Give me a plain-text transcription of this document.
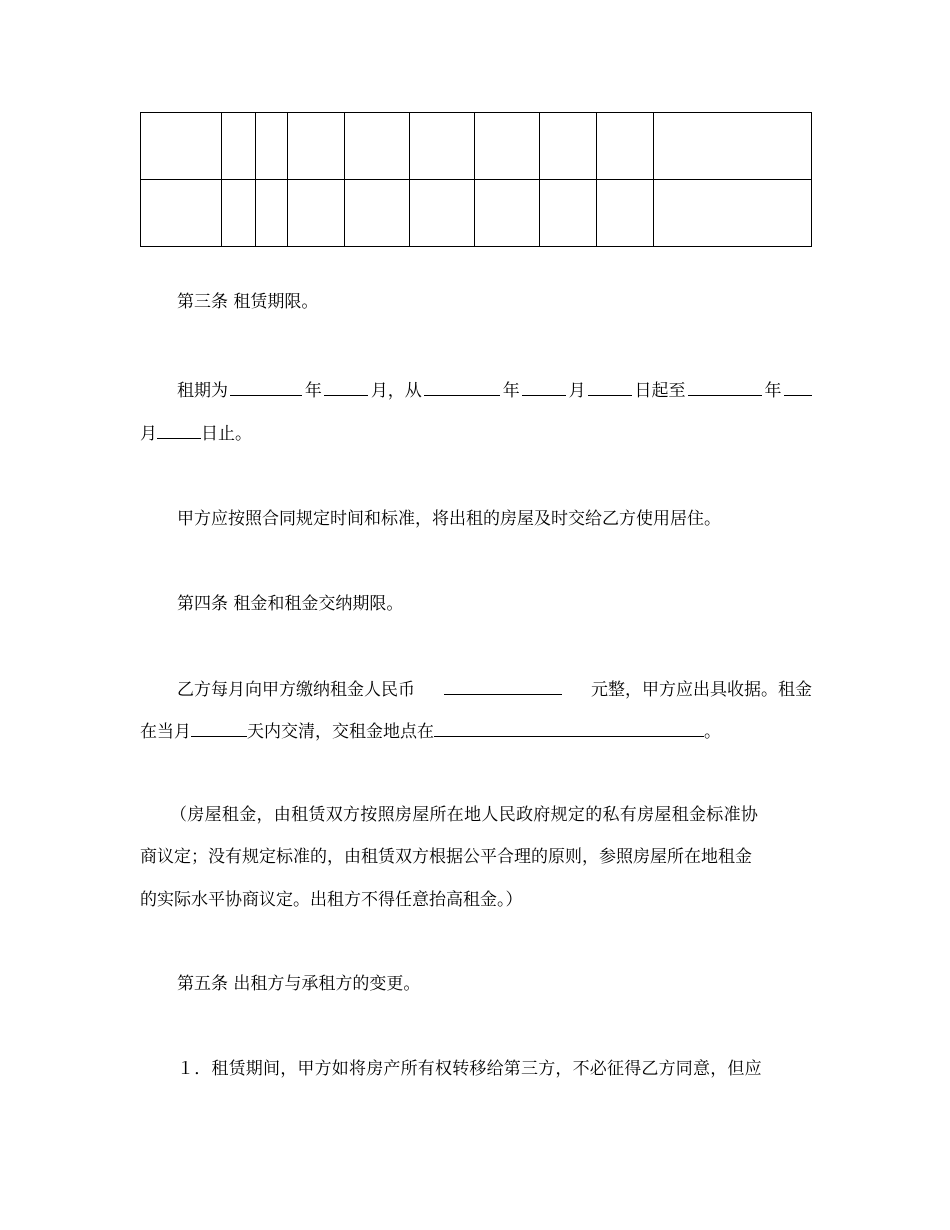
第三条 租赁期限。
租期为	年	月，从	年	月	日起至	年
月	日止。
甲方应按照合同规定时间和标准，将出租的房屋及时交给乙方使用居住。
第四条 租金和租金交纳期限。
乙方每月向甲方缴纳租金人民币	元整，甲方应出具收据。租金
在当月	天内交清，交租金地点在	。
（房屋租金，由租赁双方按照房屋所在地人民政府规定的私有房屋租金标准协
商议定；没有规定标准的，由租赁双方根据公平合理的原则，参照房屋所在地租金
的实际水平协商议定。出租方不得任意抬高租金。）
第五条 出租方与承租方的变更。
１．租赁期间，甲方如将房产所有权转移给第三方，不必征得乙方同意，但应
